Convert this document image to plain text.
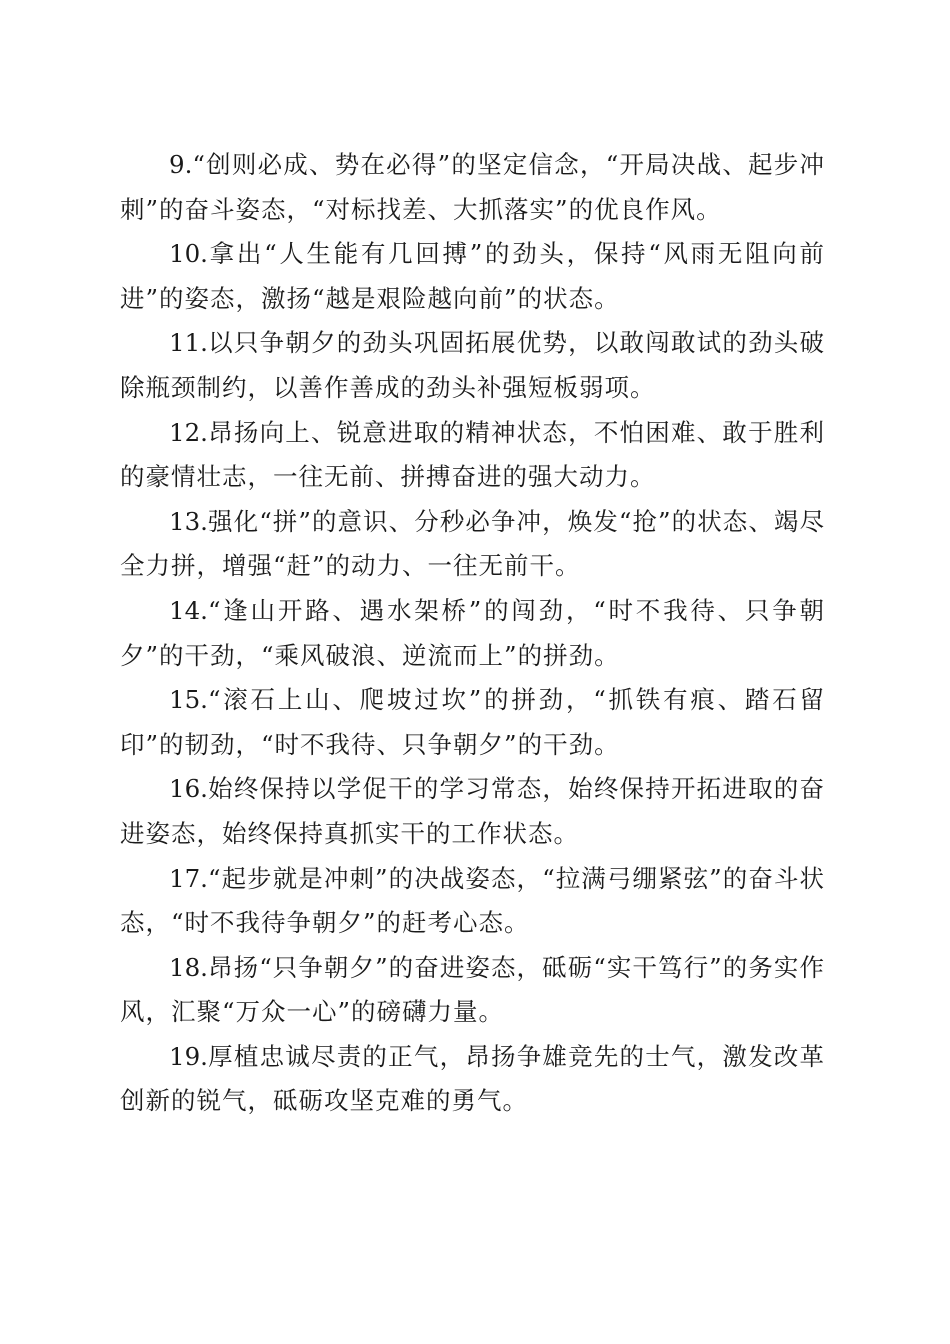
9.“创则必成、势在必得”的坚定信念，“开局决战、起步冲刺”的奋斗姿态，“对标找差、大抓落实”的优良作风。

10.拿出“人生能有几回搏”的劲头，保持“风雨无阻向前进”的姿态，激扬“越是艰险越向前”的状态。

11.以只争朝夕的劲头巩固拓展优势，以敢闯敢试的劲头破除瓶颈制约，以善作善成的劲头补强短板弱项。

12.昂扬向上、锐意进取的精神状态，不怕困难、敢于胜利的豪情壮志，一往无前、拼搏奋进的强大动力。

13.强化“拼”的意识、分秒必争冲，焕发“抢”的状态、竭尽全力拼，增强“赶”的动力、一往无前干。

14.“逢山开路、遇水架桥”的闯劲，“时不我待、只争朝夕”的干劲，“乘风破浪、逆流而上”的拼劲。

15.“滚石上山、爬坡过坎”的拼劲，“抓铁有痕、踏石留印”的韧劲，“时不我待、只争朝夕”的干劲。

16.始终保持以学促干的学习常态，始终保持开拓进取的奋进姿态，始终保持真抓实干的工作状态。

17.“起步就是冲刺”的决战姿态，“拉满弓绷紧弦”的奋斗状态，“时不我待争朝夕”的赶考心态。

18.昂扬“只争朝夕”的奋进姿态，砥砺“实干笃行”的务实作风，汇聚“万众一心”的磅礴力量。

19.厚植忠诚尽责的正气，昂扬争雄竞先的士气，激发改革创新的锐气，砥砺攻坚克难的勇气。
